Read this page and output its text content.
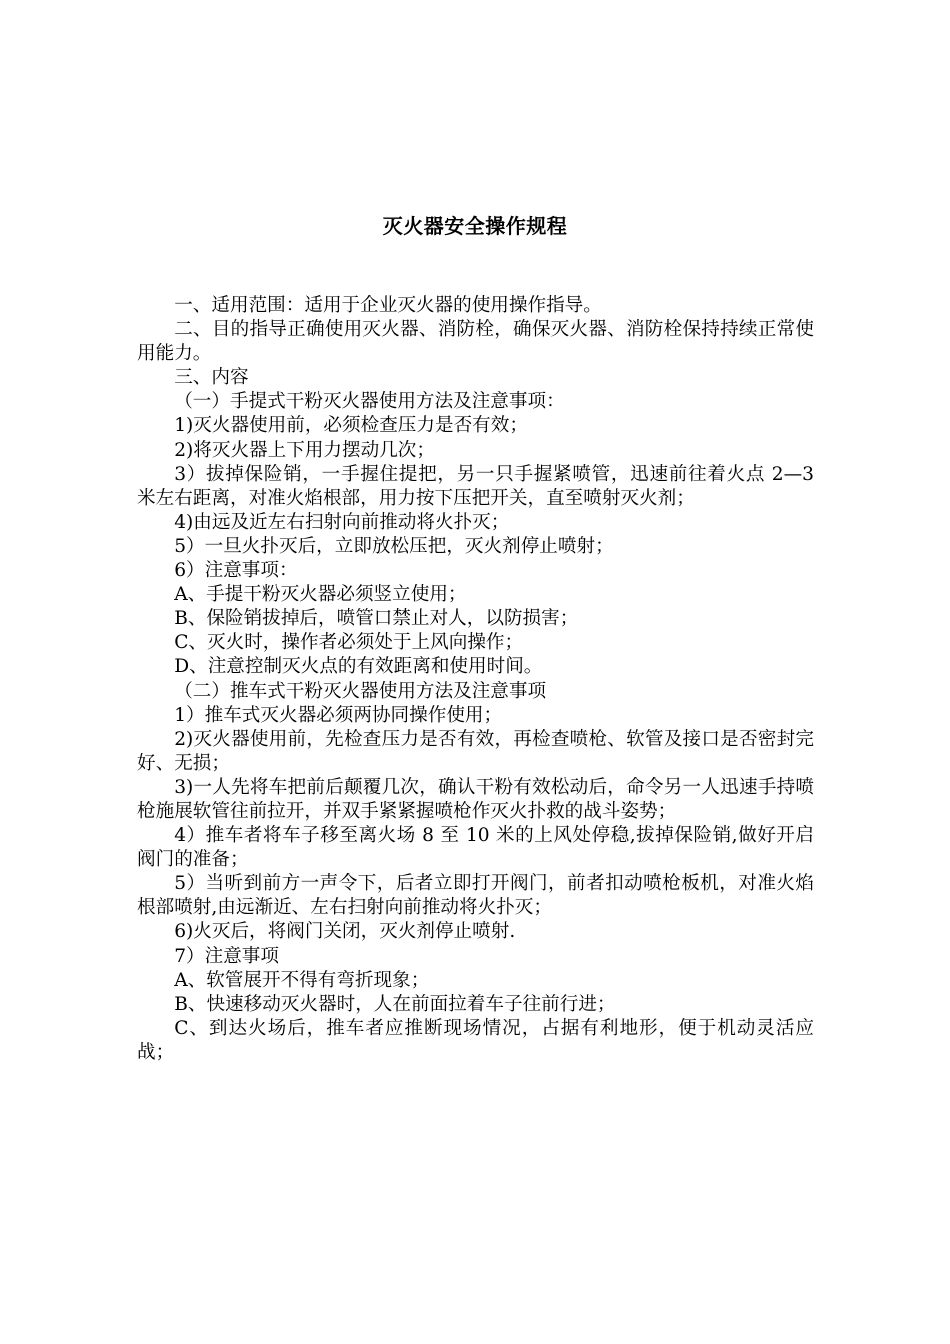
灭火器安全操作规程

一、适用范围：适用于企业灭火器的使用操作指导。

二、目的指导正确使用灭火器、消防栓，确保灭火器、消防栓保持持续正常使用能力。

三、内容

（一）手提式干粉灭火器使用方法及注意事项：

1)灭火器使用前，必须检查压力是否有效；

2)将灭火器上下用力摆动几次；

3）拔掉保险销，一手握住提把，另一只手握紧喷管，迅速前往着火点 2—3 米左右距离，对准火焰根部，用力按下压把开关，直至喷射灭火剂；

4)由远及近左右扫射向前推动将火扑灭；

5）一旦火扑灭后，立即放松压把，灭火剂停止喷射；

6）注意事项：

A、手提干粉灭火器必须竖立使用；

B、保险销拔掉后，喷管口禁止对人，以防损害；

C、灭火时，操作者必须处于上风向操作；

D、注意控制灭火点的有效距离和使用时间。

（二）推车式干粉灭火器使用方法及注意事项

1）推车式灭火器必须两协同操作使用；

2)灭火器使用前，先检查压力是否有效，再检查喷枪、软管及接口是否密封完好、无损；

3)一人先将车把前后颠覆几次，确认干粉有效松动后，命令另一人迅速手持喷枪施展软管往前拉开，并双手紧紧握喷枪作灭火扑救的战斗姿势；

4）推车者将车子移至离火场 8 至 10 米的上风处停稳,拔掉保险销,做好开启阀门的准备；

5）当听到前方一声令下，后者立即打开阀门，前者扣动喷枪板机，对准火焰根部喷射,由远渐近、左右扫射向前推动将火扑灭；

6)火灭后，将阀门关闭，灭火剂停止喷射.

7）注意事项

A、软管展开不得有弯折现象；

B、快速移动灭火器时，人在前面拉着车子往前行进；

C、到达火场后，推车者应推断现场情况，占据有利地形，便于机动灵活应战；
